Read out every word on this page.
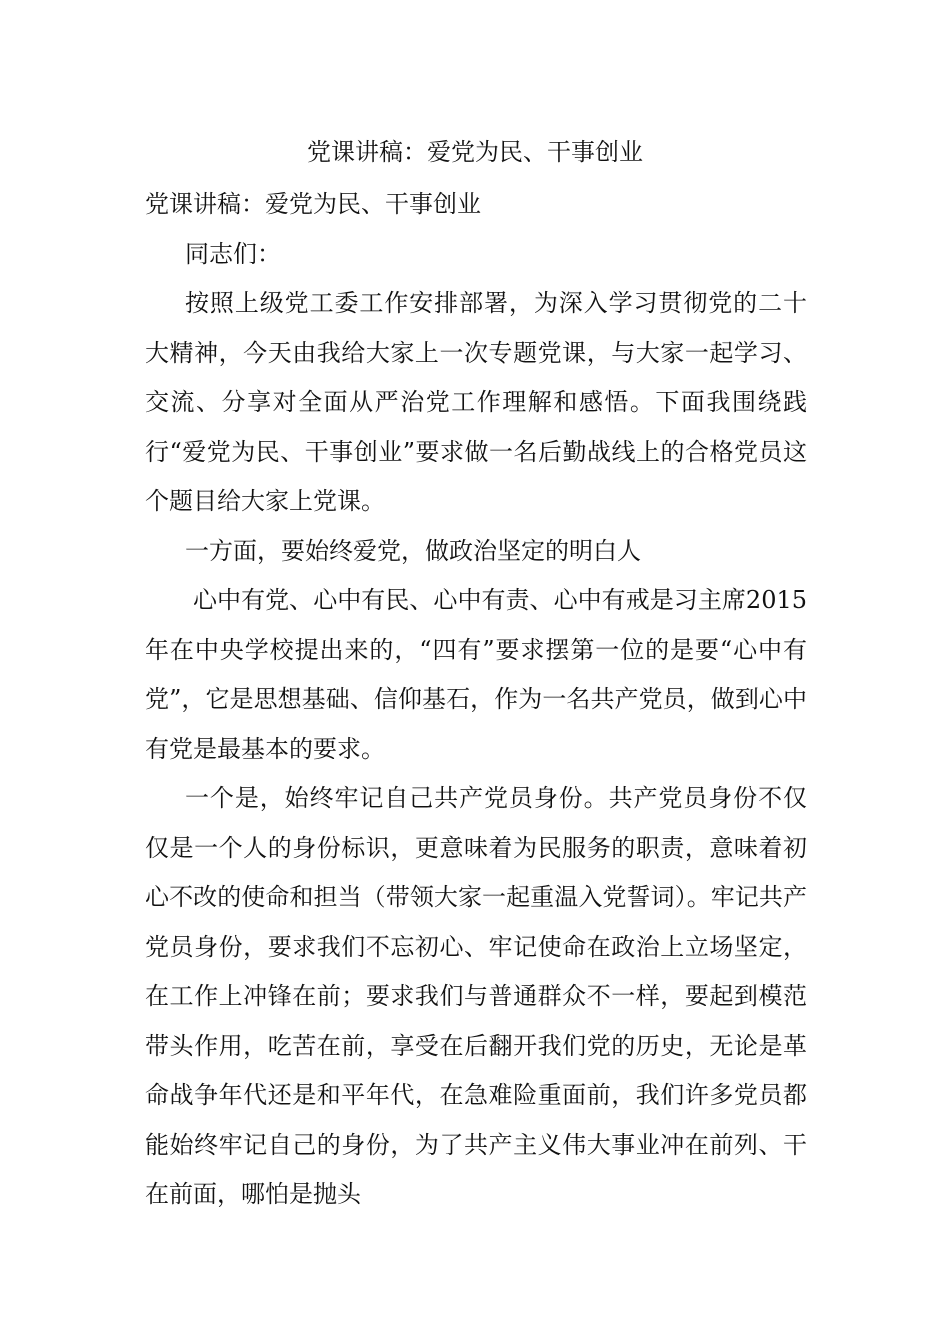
党课讲稿：爱党为民、干事创业

党课讲稿：爱党为民、干事创业

同志们：

按照上级党工委工作安排部署，为深入学习贯彻党的二十大精神，今天由我给大家上一次专题党课，与大家一起学习、交流、分享对全面从严治党工作理解和感悟。下面我围绕践行“爱党为民、干事创业”要求做一名后勤战线上的合格党员这个题目给大家上党课。

一方面，要始终爱党，做政治坚定的明白人

心中有党、心中有民、心中有责、心中有戒是习主席2015年在中央学校提出来的，“四有”要求摆第一位的是要“心中有党”，它是思想基础、信仰基石，作为一名共产党员，做到心中有党是最基本的要求。

一个是，始终牢记自己共产党员身份。共产党员身份不仅仅是一个人的身份标识，更意味着为民服务的职责，意味着初心不改的使命和担当（带领大家一起重温入党誓词）。牢记共产党员身份，要求我们不忘初心、牢记使命在政治上立场坚定，在工作上冲锋在前；要求我们与普通群众不一样，要起到模范带头作用，吃苦在前，享受在后翻开我们党的历史，无论是革命战争年代还是和平年代，在急难险重面前，我们许多党员都能始终牢记自己的身份，为了共产主义伟大事业冲在前列、干在前面，哪怕是抛头
